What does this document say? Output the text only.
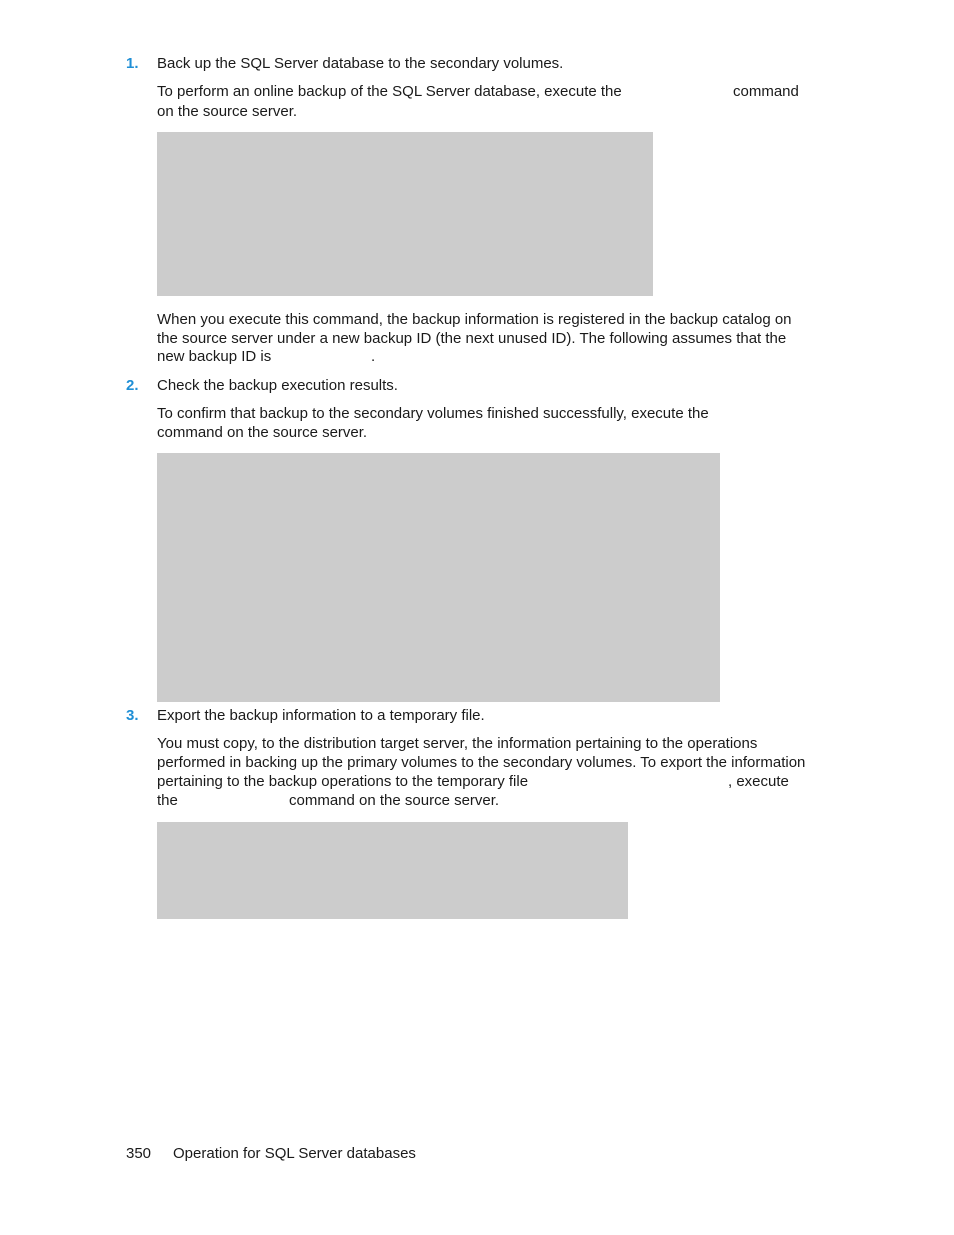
1. Back up the SQL Server database to the secondary volumes.
To perform an online backup of the SQL Server database, execute the	command
on the source server.
When you execute this command, the backup information is registered in the backup catalog on
the source server under a new backup ID (the next unused ID). The following assumes that the
new backup ID is	.
2. Check the backup execution results.
To confirm that backup to the secondary volumes finished successfully, execute the
command on the source server.
3. Export the backup information to a temporary file.
You must copy, to the distribution target server, the information pertaining to the operations
performed in backing up the primary volumes to the secondary volumes. To export the information
pertaining to the backup operations to the temporary file	, execute
the	command on the source server.
350 Operation for SQL Server databases
